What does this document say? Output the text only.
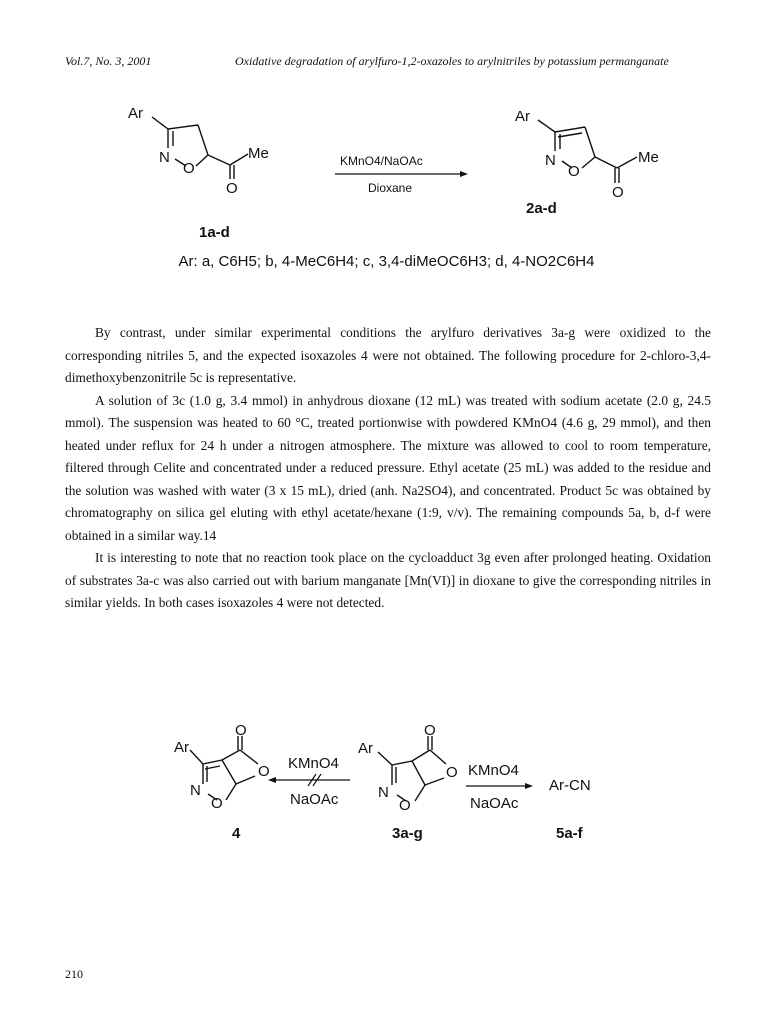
Vol.7, No. 3, 2001	Oxidative degradation of arylfuro-1,2-oxazoles to arylnitriles by potassium permanganate
Ar
N
O
Me
O
1a-d
KMnO4/NaOAc
Dioxane
Ar
N
O
Me
O
2a-d
Ar: a, C6H5; b, 4-MeC6H4; c, 3,4-diMeOC6H3; d, 4-NO2C6H4

By contrast, under similar experimental conditions the arylfuro derivatives 3a-g were oxidized to the corresponding nitriles 5, and the expected isoxazoles 4 were not obtained. The following procedure for 2-chloro-3,4-dimethoxybenzonitrile 5c is representative.

A solution of 3c (1.0 g, 3.4 mmol) in anhydrous dioxane (12 mL) was treated with sodium acetate (2.0 g, 24.5 mmol). The suspension was heated to 60 °C, treated portionwise with powdered KMnO4 (4.6 g, 29 mmol), and then heated under reflux for 24 h under a nitrogen atmosphere. The mixture was allowed to cool to room temperature, filtered through Celite and concentrated under a reduced pressure. Ethyl acetate (25 mL) was added to the residue and the solution was washed with water (3 x 15 mL), dried (anh. Na2SO4), and concentrated. Product 5c was obtained by chromatography on silica gel eluting with ethyl acetate/hexane (1:9, v/v). The remaining compounds 5a, b, d-f were obtained in a similar way.14

It is interesting to note that no reaction took place on the cycloadduct 3g even after prolonged heating. Oxidation of substrates 3a-c was also carried out with barium manganate [Mn(VI)] in dioxane to give the corresponding nitriles in similar yields. In both cases isoxazoles 4 were not detected.

Ar
N
O
O
O
4
KMnO4
NaOAc
Ar
N
O
O
O
3a-g
KMnO4
NaOAc
Ar-CN
5a-f
210
